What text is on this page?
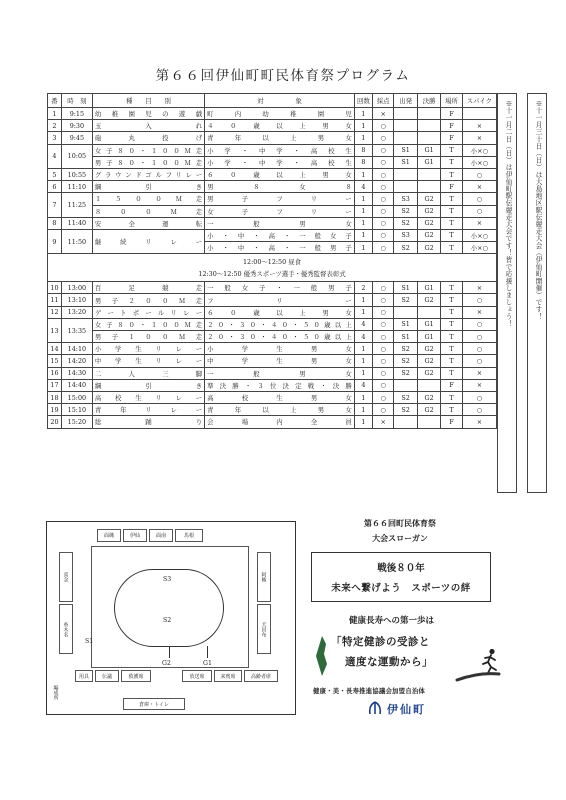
第６６回伊仙町町民体育祭プログラム
番	時　刻	種　　目　　別	対　　　　　象	回数	採点	出発	決勝	場所	スパイク
1	9:15	幼稚園児の遊戯	町内幼稚園児	1	×			F	
2	9:30	玉入れ	４０歳以上男女	1	○			F	×
3	9:45	砲丸投げ	青年以上男女	1	○			F	×
4	10:05	女子８０・１００Ｍ走	小学・中学・高校生	8	○	S1	G1	T	小×○
		男子８０・１００Ｍ走	小学・中学・高校生	8	○	S1	G1	T	小×○
5	10:55	グラウンドゴルフリレー	６０歳以上男女	1	○			T	○
6	11:10	綱引き	男８女８	4	○			F	×
7	11:25	１５００Ｍ走	男子フリー	1	○	S3	G2	T	○
		８００Ｍ走	女子フリー	1	○	S2	G2	T	○
8	11:40	安全運転	一般男女	1	○	S2	G2	T	×
9	11:50	継続リレー	小・中・高・一般女子	1	○	S3	G2	T	小×○
			小・中・高・一般男子	1	○	S2	G2	T	小×○

12:00～12:50 昼食
12:30～12:50 優秀スポーツ選手・優秀監督表彰式									

10	13:00	百足競走	一般女子・一般男子	2	○	S1	G1	T	×
11	13:10	男子２００Ｍ走	フリー	1	○	S2	G2	T	○
12	13:20	ゲートボールリレー	６０歳以上男女	1	○			T	×
13	13:35	女子８０・１００Ｍ走	２０・３０・４０・５０歳以上	4	○	S1	G1	T	○
		男子１００Ｍ走	２０・３０・４０・５０歳以上	4	○	S1	G1	T	○
14	14:10	小学生リレー	小学生男女	1	○	S2	G2	T	○
15	14:20	中学生リレー	中学生男女	1	○	S2	G2	T	○
16	14:30	二人三脚	一般男女	1	○	S2	G2	T	×
17	14:40	綱引き	準決勝・３位決定戦・決勝	4	○			F	×
18	15:00	高校生リレー	高校生男女	1	○	S2	G2	T	○
19	15:10	青年リレー	青年以上男女	1	○	S2	G2	T	○
20	15:20	総踊り	会場内全員	1	×			F	×
※十一月二日（日）は伊仙町駅伝競走大会です！皆で応援しましょう！	※十一月三十日（日）は大島地区駅伝競走大会（伊仙町開催）です！
面縄	伊仙	面南	馬根
喜念
糸木名
阿権
犬田布
S3
S2
S1
G2	G1
編成所
用具	伝議	救護席	放送席	来賓席	高齢者席
倉庫・トイレ
第６６回町民体育祭
大会スローガン
戦後８０年
未来へ繋げよう　スポーツの絆
健康長寿への第一歩は
「特定健診の受診と
適度な運動から」
健康・美・長寿推進協議会加盟自治体
伊仙町
